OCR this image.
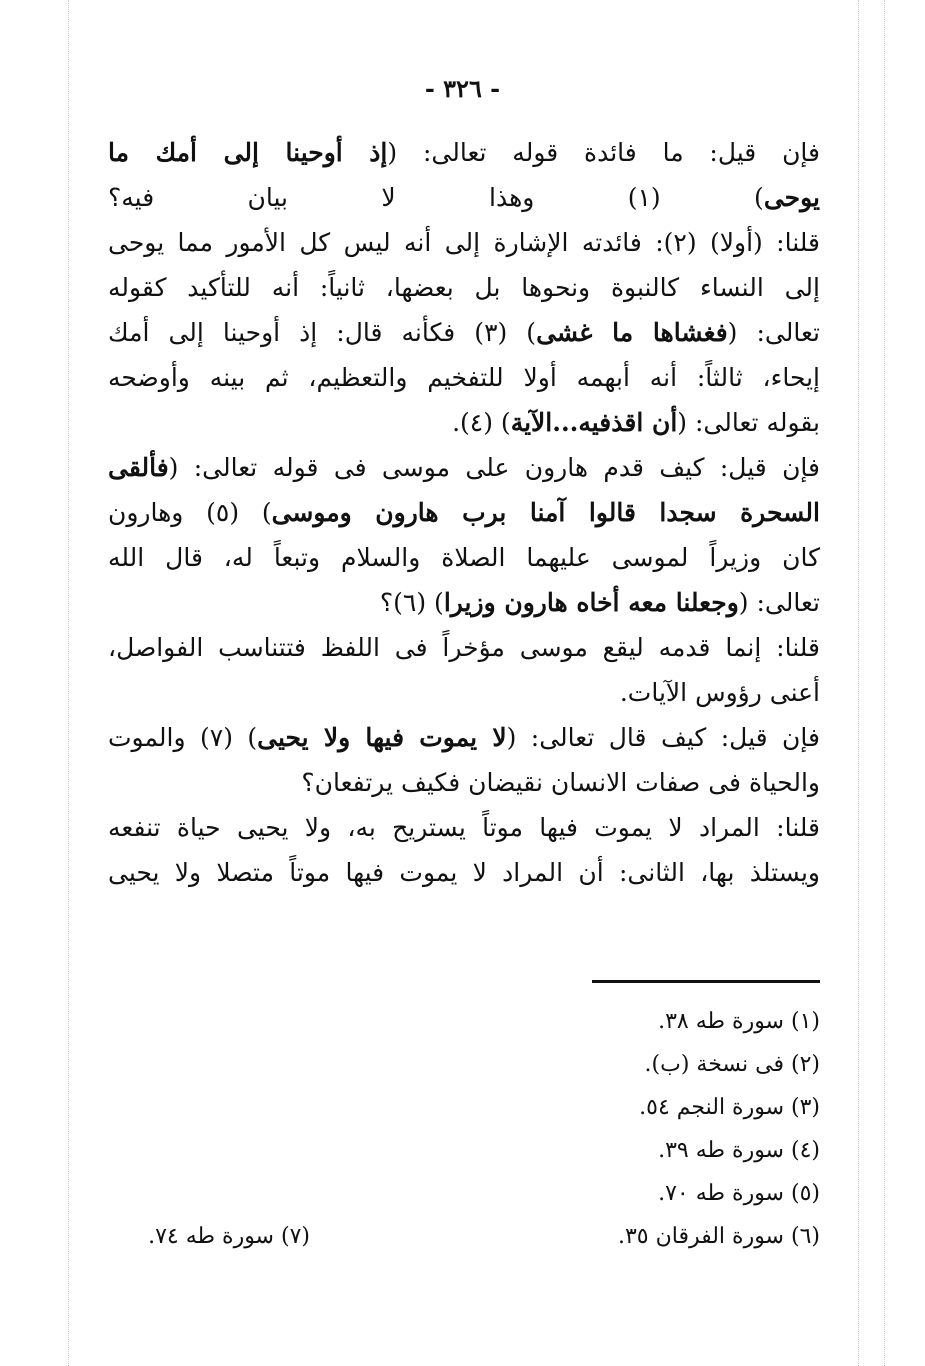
- ٣٢٦ -
فإن قيل: ما فائدة قوله تعالى: (إذ أوحينا إلى أمك ما
يوحى) (١) وهذا لا بيان فيه؟
قلنا: (أولا) (٢): فائدته الإشارة إلى أنه ليس كل الأمور مما يوحى
إلى النساء كالنبوة ونحوها بل بعضها، ثانياً: أنه للتأكيد كقوله
تعالى: (فغشاها ما غشى) (٣) فكأنه قال: إذ أوحينا إلى أمك
إيحاء، ثالثاً: أنه أبهمه أولا للتفخيم والتعظيم، ثم بينه وأوضحه
بقوله تعالى: (أن اقذفيه...الآية) (٤).
فإن قيل: كيف قدم هارون على موسى فى قوله تعالى: (فألقى
السحرة سجدا قالوا آمنا برب هارون وموسى) (٥) وهارون
كان وزيراً لموسى عليهما الصلاة والسلام وتبعاً له، قال الله
تعالى: (وجعلنا معه أخاه هارون وزيرا) (٦)؟
قلنا: إنما قدمه ليقع موسى مؤخراً فى اللفظ فتتناسب الفواصل،
أعنى رؤوس الآيات.
فإن قيل: كيف قال تعالى: (لا يموت فيها ولا يحيى) (٧) والموت
والحياة فى صفات الانسان نقيضان فكيف يرتفعان؟
قلنا: المراد لا يموت فيها موتاً يستريح به، ولا يحيى حياة تنفعه
ويستلذ بها، الثانى: أن المراد لا يموت فيها موتاً متصلا ولا يحيى
(١) سورة طه ٣٨.
(٢) فى نسخة (ب).
(٣) سورة النجم ٥٤.
(٤) سورة طه ٣٩.
(٥) سورة طه ٧٠.
(٦) سورة الفرقان ٣٥.
(٧) سورة طه ٧٤.
